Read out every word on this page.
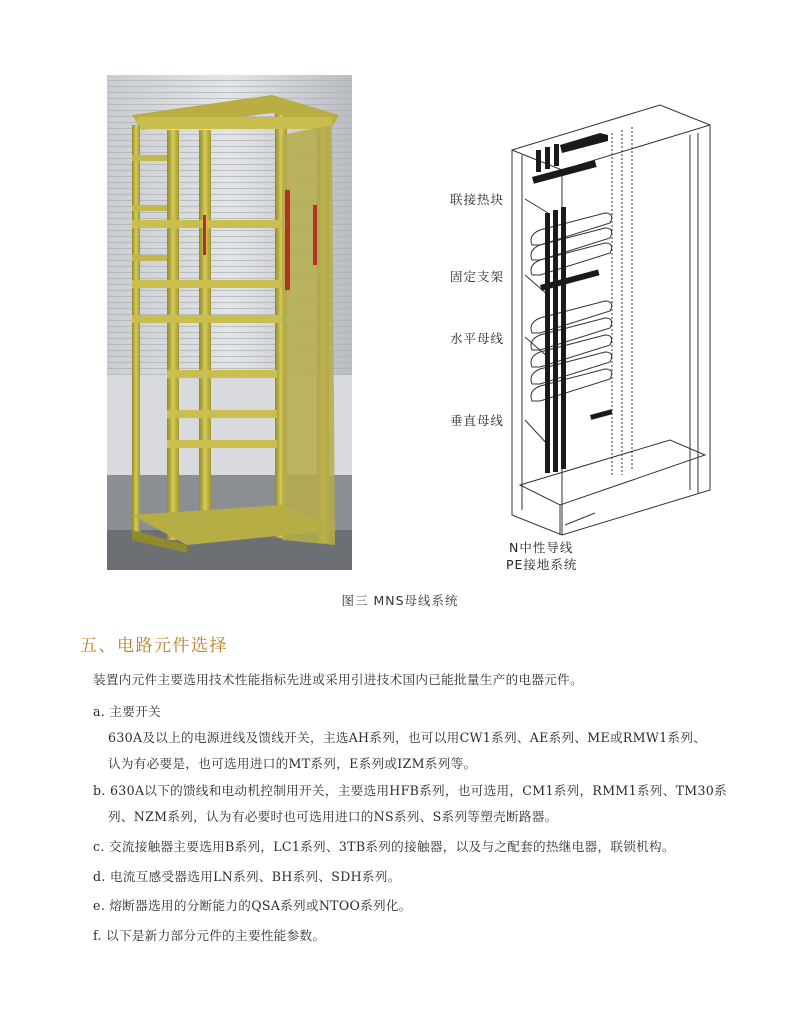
联接热块
固定支架
水平母线
垂直母线
N中性导线
PE接地系统
图三 MNS母线系统
五、电路元件选择
装置内元件主要选用技术性能指标先进或采用引进技术国内已能批量生产的电器元件。
a. 主要开关
630A及以上的电源进线及馈线开关，主选AH系列，也可以用CW1系列、AE系列、ME或RMW1系列、
认为有必要是，也可选用进口的MT系列，E系列或IZM系列等。
b. 630A以下的馈线和电动机控制用开关，主要选用HFB系列，也可选用，CM1系列，RMM1系列、TM30系
列、NZM系列，认为有必要时也可选用进口的NS系列、S系列等塑壳断路器。
c. 交流接触器主要选用B系列，LC1系列、3TB系列的接触器，以及与之配套的热继电器，联锁机构。
d. 电流互感受器选用LN系列、BH系列、SDH系列。
e. 熔断器选用的分断能力的QSA系列或NTOO系列化。
f. 以下是新力部分元件的主要性能参数。
